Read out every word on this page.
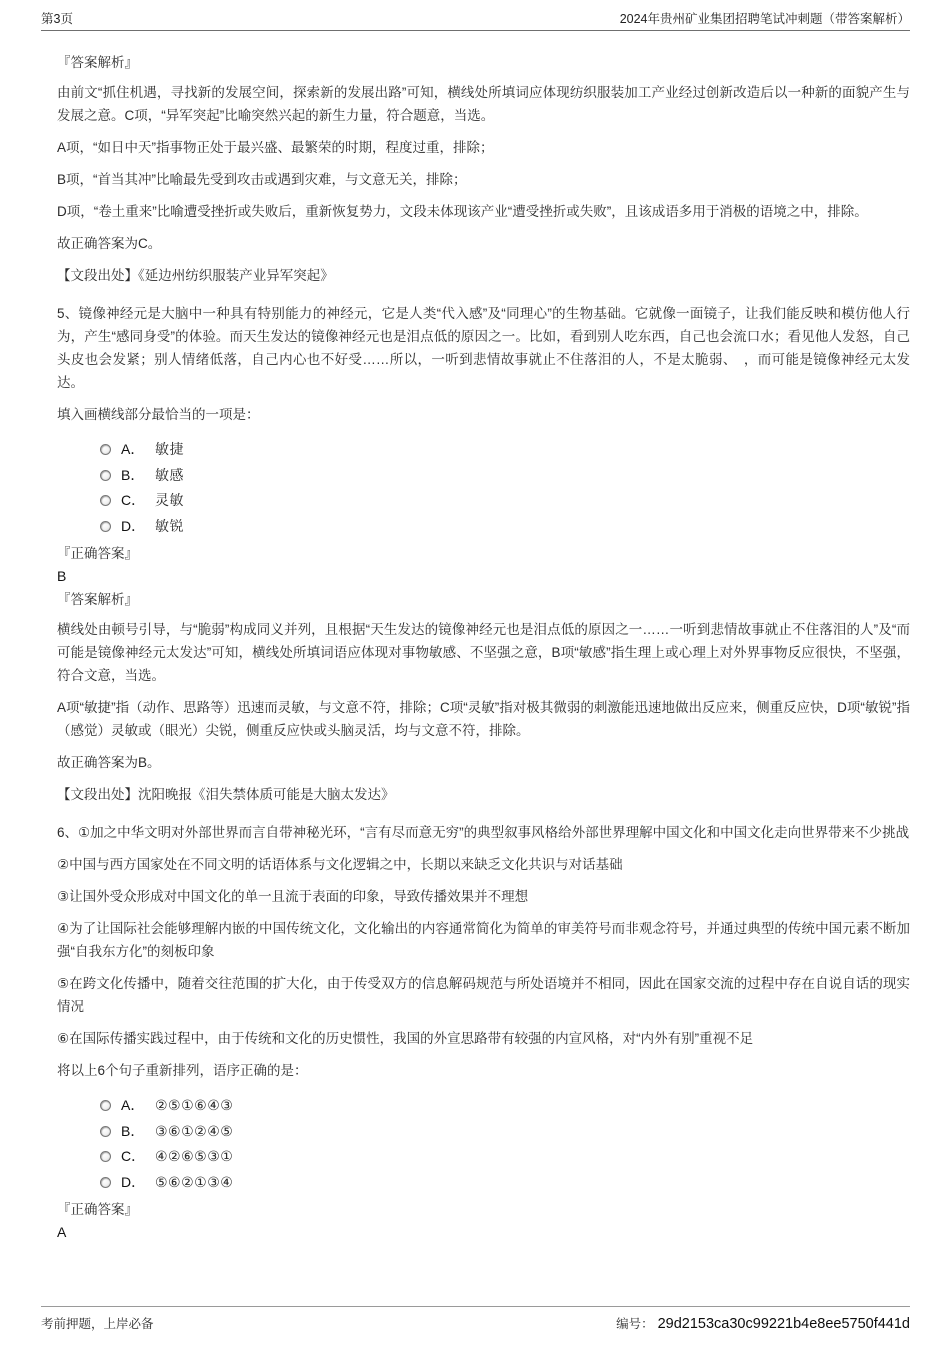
第3页	2024年贵州矿业集团招聘笔试冲刺题（带答案解析）

『答案解析』

由前文“抓住机遇，寻找新的发展空间，探索新的发展出路”可知，横线处所填词应体现纺织服装加工产业经过创新改造后以一种新的面貌产生与发展之意。C项，“异军突起”比喻突然兴起的新生力量，符合题意，当选。

A项，“如日中天”指事物正处于最兴盛、最繁荣的时期，程度过重，排除；

B项，“首当其冲”比喻最先受到攻击或遇到灾难，与文意无关，排除；

D项，“卷土重来”比喻遭受挫折或失败后，重新恢复势力，文段未体现该产业“遭受挫折或失败”，且该成语多用于消极的语境之中，排除。

故正确答案为C。

【文段出处】《延边州纺织服装产业异军突起》

5、镜像神经元是大脑中一种具有特别能力的神经元，它是人类“代入感”及“同理心”的生物基础。它就像一面镜子，让我们能反映和模仿他人行为，产生“感同身受”的体验。而天生发达的镜像神经元也是泪点低的原因之一。比如，看到别人吃东西，自己也会流口水；看见他人发怒，自己头皮也会发紧；别人情绪低落，自己内心也不好受……所以，一听到悲情故事就止不住落泪的人，不是太脆弱、　，而可能是镜像神经元太发达。

填入画横线部分最恰当的一项是：

A． 敏捷
B． 敏感
C． 灵敏
D． 敏锐

『正确答案』

B

『答案解析』

横线处由顿号引导，与“脆弱”构成同义并列，且根据“天生发达的镜像神经元也是泪点低的原因之一……一听到悲情故事就止不住落泪的人”及“而可能是镜像神经元太发达”可知，横线处所填词语应体现对事物敏感、不坚强之意，B项“敏感”指生理上或心理上对外界事物反应很快，不坚强，符合文意，当选。

A项“敏捷”指（动作、思路等）迅速而灵敏，与文意不符，排除；C项“灵敏”指对极其微弱的刺激能迅速地做出反应来，侧重反应快，D项“敏锐”指（感觉）灵敏或（眼光）尖锐，侧重反应快或头脑灵活，均与文意不符，排除。

故正确答案为B。

【文段出处】沈阳晚报《泪失禁体质可能是大脑太发达》

6、①加之中华文明对外部世界而言自带神秘光环，“言有尽而意无穷”的典型叙事风格给外部世界理解中国文化和中国文化走向世界带来不少挑战

②中国与西方国家处在不同文明的话语体系与文化逻辑之中，长期以来缺乏文化共识与对话基础

③让国外受众形成对中国文化的单一且流于表面的印象，导致传播效果并不理想

④为了让国际社会能够理解内嵌的中国传统文化，文化输出的内容通常简化为简单的审美符号而非观念符号，并通过典型的传统中国元素不断加强“自我东方化”的刻板印象

⑤在跨文化传播中，随着交往范围的扩大化，由于传受双方的信息解码规范与所处语境并不相同，因此在国家交流的过程中存在自说自话的现实情况

⑥在国际传播实践过程中，由于传统和文化的历史惯性，我国的外宣思路带有较强的内宣风格，对“内外有别”重视不足

将以上6个句子重新排列，语序正确的是：

A． ②⑤①⑥④③
B． ③⑥①②④⑤
C． ④②⑥⑤③①
D． ⑤⑥②①③④

『正确答案』

A

考前押题，上岸必备	编号： 29d2153ca30c99221b4e8ee5750f441d
